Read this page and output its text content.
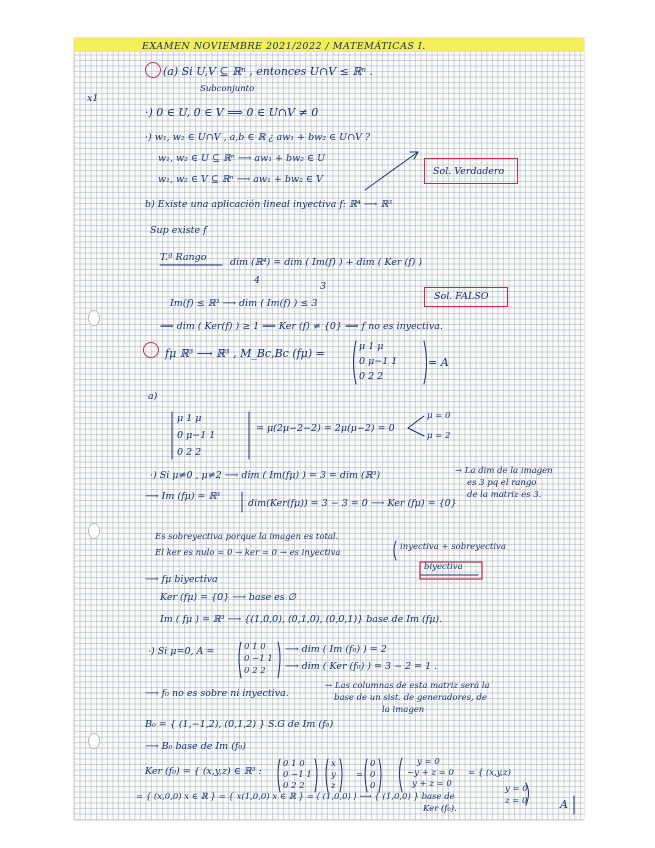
EXAMEN NOVIEMBRE 2021/2022 / MATEMÁTICAS I.
(a) Si U,V ⊆ ℝⁿ , entonces U∩V ≤ ℝⁿ .
Subconjunto
x1
·) 0 ∈ U, 0 ∈ V ⟹ 0 ∈ U∩V ≠ 0
·) w₁, w₂ ∈ U∩V , a,b ∈ ℝ ¿ aw₁ + bw₂ ∈ U∩V ?
w₁, w₂ ∈ U ⊆ ℝⁿ ⟶ aw₁ + bw₂ ∈ U
w₁, w₂ ∈ V ⊆ ℝⁿ ⟶ aw₁ + bw₂ ∈ V
Sol. Verdadero
b) Existe una aplicación lineal inyectiva f: ℝ⁴ ⟶ ℝ³
Sup existe f
T.ª Rango dim (ℝ⁴) = dim ( Im(f) ) + dim ( Ker (f) )
4
3
Im(f) ≤ ℝ³ ⟶ dim ( Im(f) ) ≤ 3
Sol. FALSO
⟹ dim ( Ker(f) ) ≥ 1 ⟹ Ker (f) ≠ {0} ⟹ f no es inyectiva.
fμ ℝ³ ⟶ ℝ³ , M_Bc,Bc (fμ) =
μ 1 μ
0 μ−1 1
0 2 2
= A
a)
μ 1 μ
0 μ−1 1
0 2 2
= μ(2μ−2−2) = 2μ(μ−2) = 0
μ = 0
μ = 2
·) Si μ≠0 , μ≠2 ⟶ dim ( Im(fμ) ) = 3 = dim (ℝ³)	→ La dim de la imagen
es 3 pq el rango
de la matriz es 3.
⟶ Im (fμ) = ℝ³
dim(Ker(fμ)) = 3 − 3 = 0 ⟶ Ker (fμ) = {0}
Es sobreyectiva porque la imagen es total.
El ker es nulo = 0 → ker = 0 → es inyectiva
inyectiva + sobreyectiva
biyectiva
⟶ fμ biyectiva
Ker (fμ) = {0} ⟶ base es ∅
Im ( fμ ) = ℝ³ ⟶ {(1,0,0), (0,1,0), (0,0,1)} base de Im (fμ).
·) Si μ=0, A =	0 1 0
0 −1 1
0 2 2
⟶ dim ( Im (f₀) ) = 2
⟶ dim ( Ker (f₀) ) = 3 − 2 = 1 .
⟶ f₀ no es sobre ni inyectiva.
→ Las columnas de esta matriz será la
base de un sist. de generadores, de
la imagen
B₀ = { (1,−1,2), (0,1,2) } S.G de Im (f₀)
⟶ B₀ base de Im (f₀)
Ker (f₀) = { (x,y,z) ∈ ℝ³ :
0 1 0
0 −1 1
0 2 2
x
y
z
=
0
0
0
y = 0
−y + z = 0
y + z = 0
= { (x,y,z)
y = 0
z = 0
= { (x,0,0) x ∈ ℝ } = { x(1,0,0) x ∈ ℝ } = ⟨ (1,0,0) ⟩ ⟶ { (1,0,0) } base de
Ker (f₀).	A
